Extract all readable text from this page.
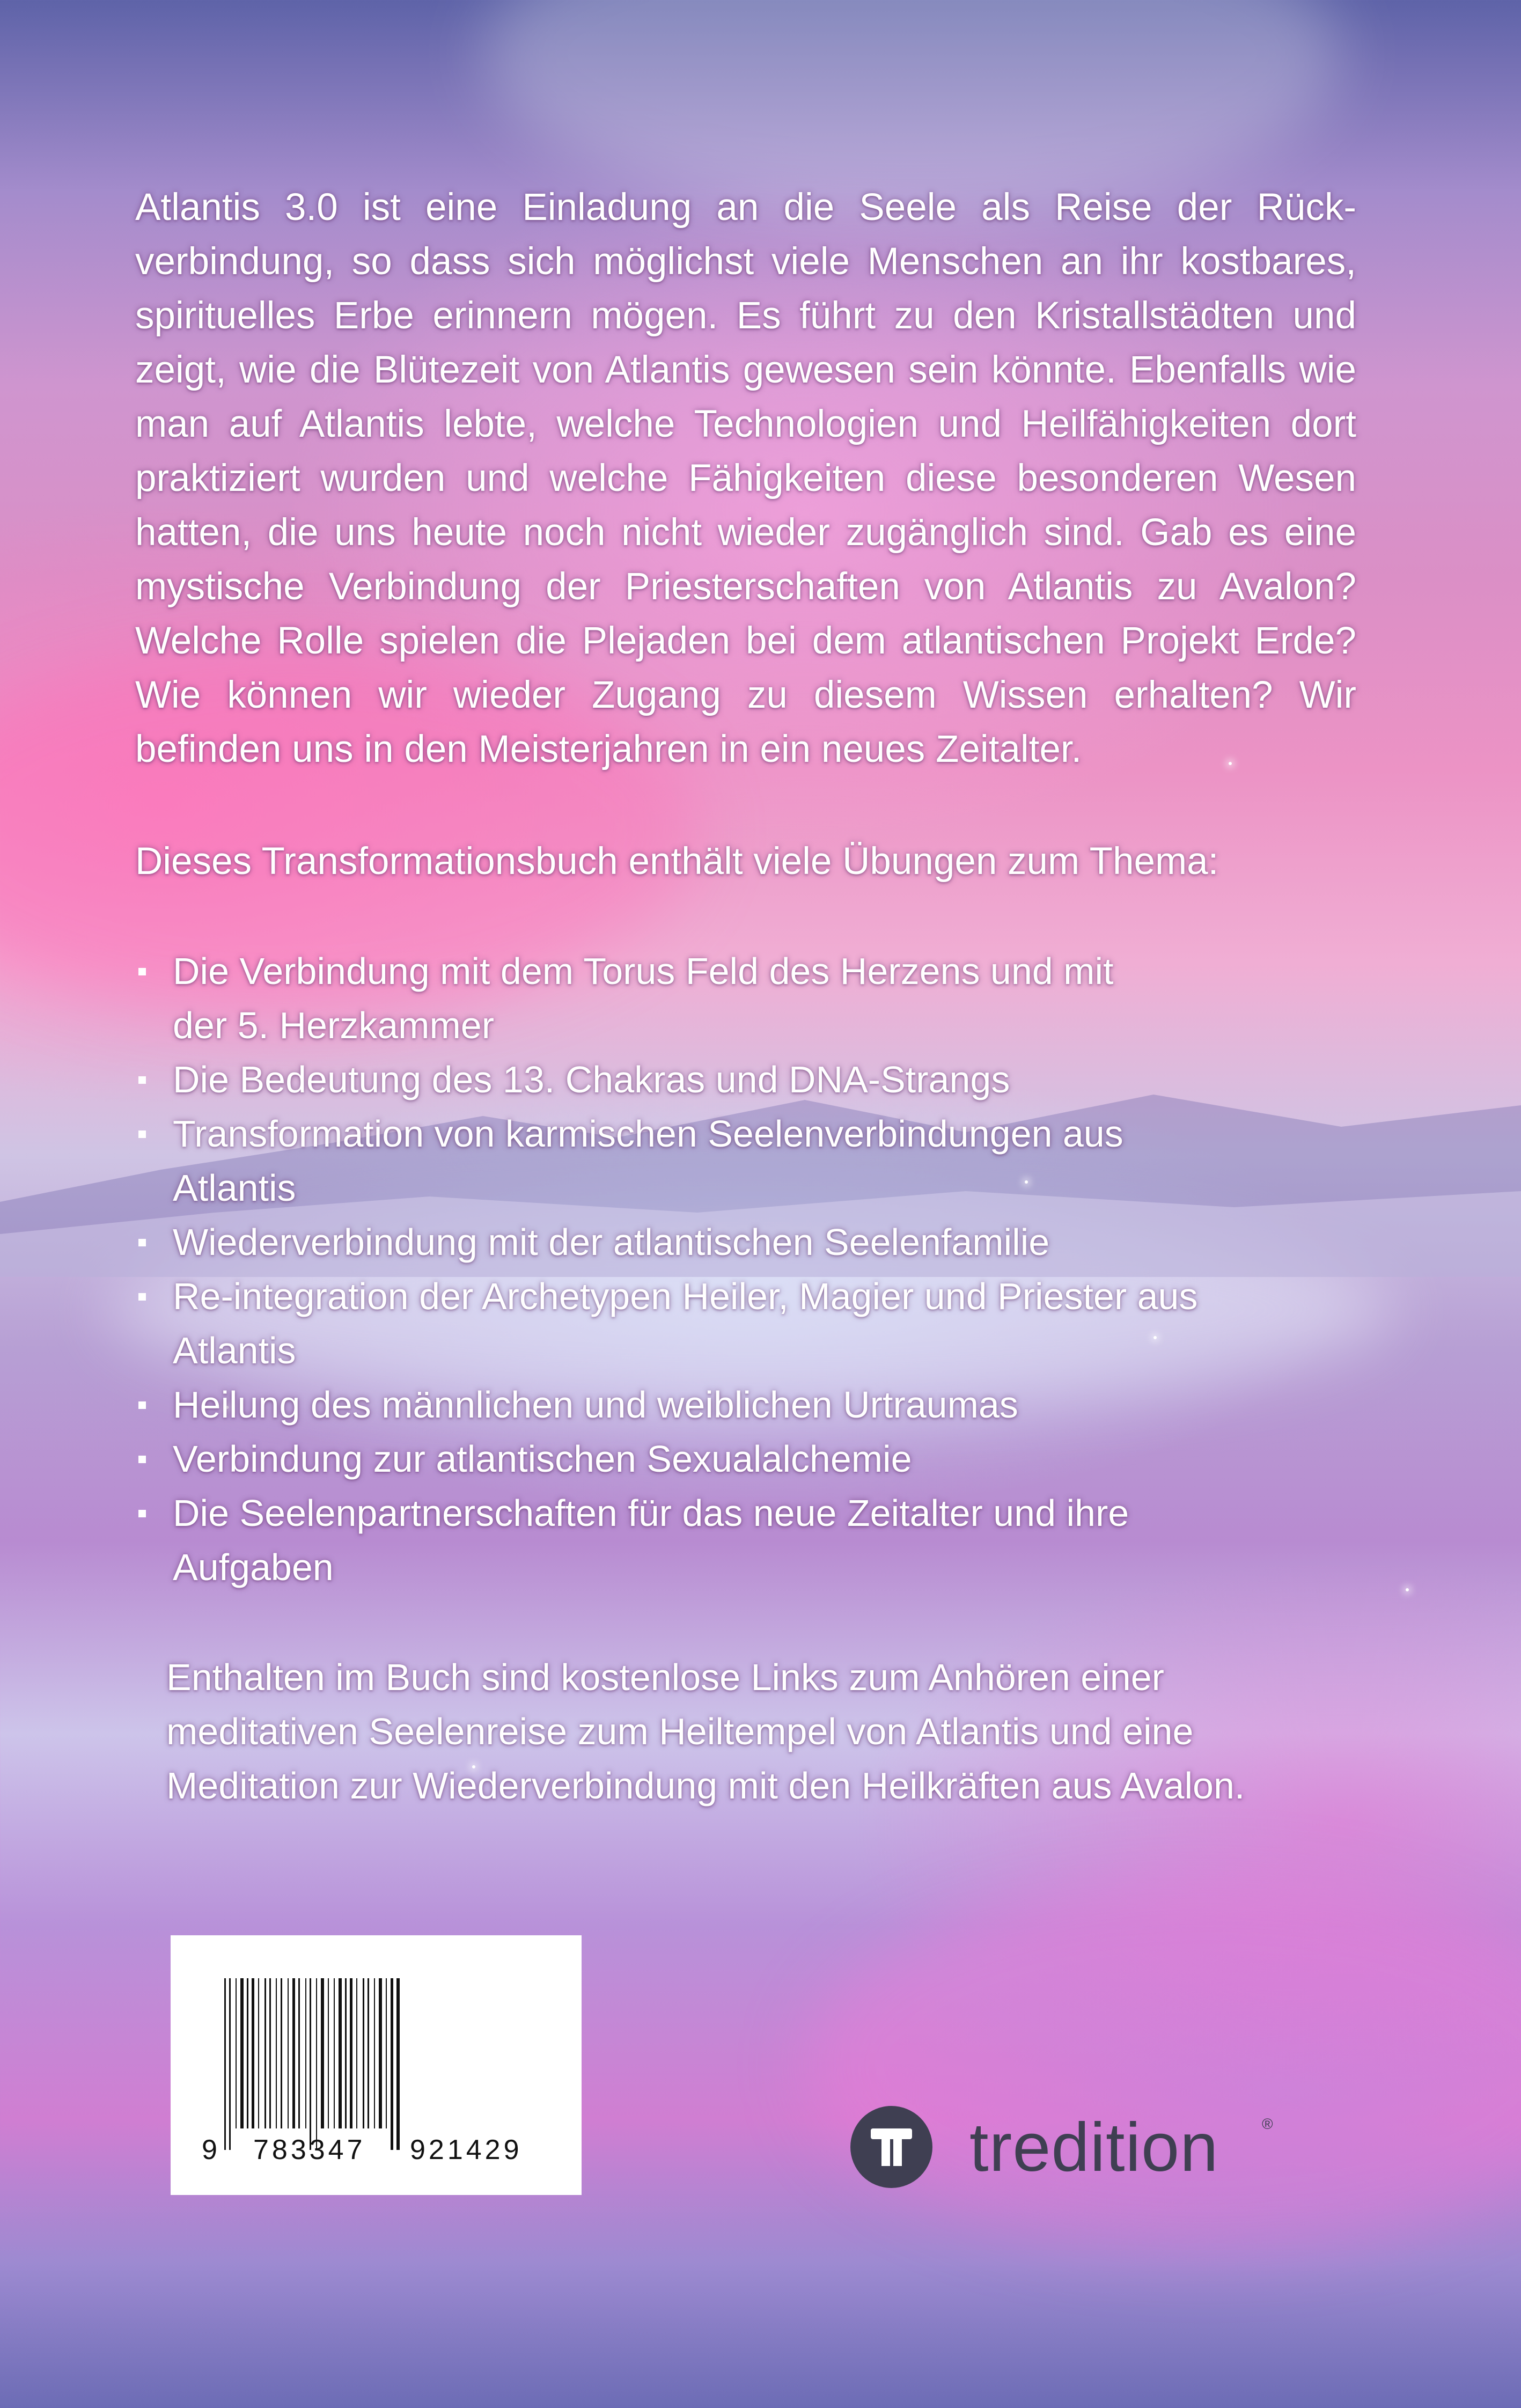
Atlantis 3.0 ist eine Einladung an die Seele als Reise der Rückverbindung, so dass sich möglichst viele Menschen an ihr kostbares, spirituelles Erbe erinnern mögen. Es führt zu den Kristallstädten und zeigt, wie die Blütezeit von Atlantis gewesen sein könnte. Ebenfalls wie man auf Atlantis lebte, welche Technologien und Heilfähigkeiten dort praktiziert wurden und welche Fähigkeiten diese besonderen Wesen hatten, die uns heute noch nicht wieder zugänglich sind. Gab es eine mystische Verbindung der Priesterschaften von Atlantis zu Avalon? Welche Rolle spielen die Plejaden bei dem atlantischen Projekt Erde? Wie können wir wieder Zugang zu diesem Wissen erhalten? Wir befinden uns in den Meisterjahren in ein neues Zeitalter.

Dieses Transformationsbuch enthält viele Übungen zum Thema:

Die Verbindung mit dem Torus Feld des Herzens und mit
der 5. Herzkammer
Die Bedeutung des 13. Chakras und DNA-Strangs
Transformation von karmischen Seelenverbindungen aus
Atlantis
Wiederverbindung mit der atlantischen Seelenfamilie
Re-integration der Archetypen Heiler, Magier und Priester aus
Atlantis
Heilung des männlichen und weiblichen Urtraumas
Verbindung zur atlantischen Sexualalchemie
Die Seelenpartnerschaften für das neue Zeitalter und ihre
Aufgaben

Enthalten im Buch sind kostenlose Links zum Anhören einer
meditativen Seelenreise zum Heiltempel von Atlantis und eine
Meditation zur Wiederverbindung mit den Heilkräften aus Avalon.

9 783347 921429	tredition	®
